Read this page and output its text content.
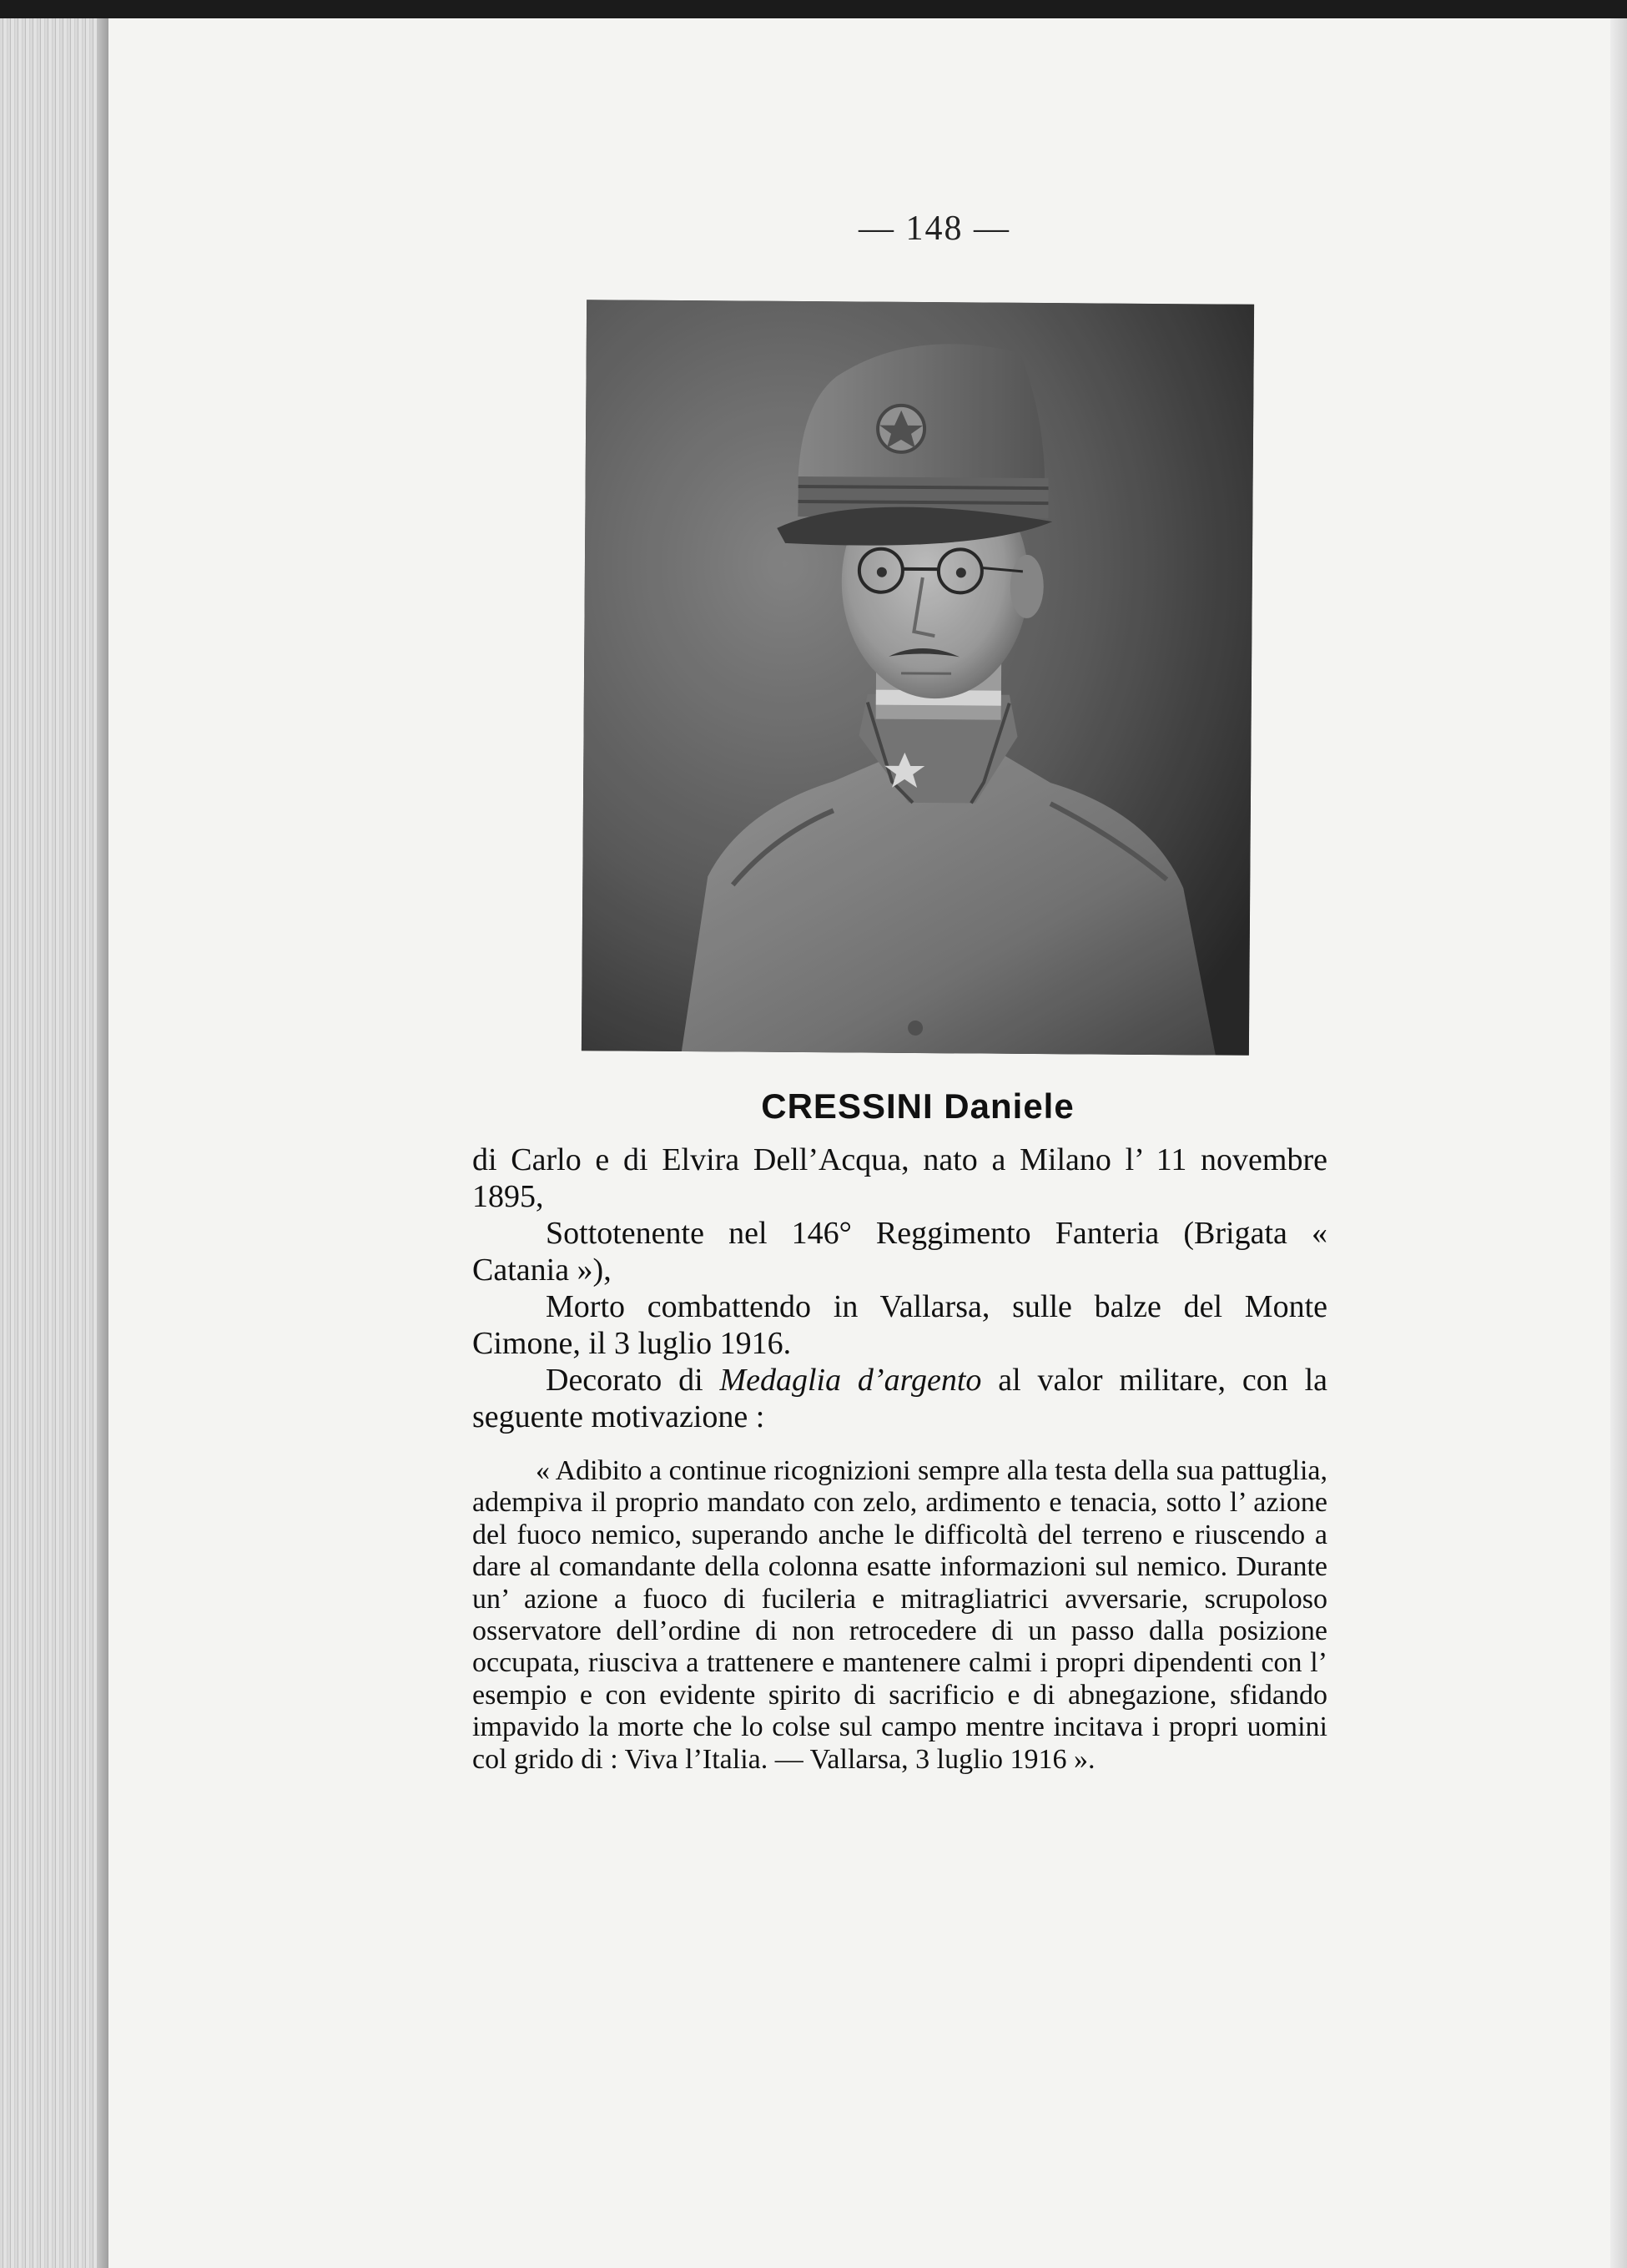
— 148 —
CRESSINI Daniele

di Carlo e di Elvira Dell’Acqua, nato a Milano l’ 11 novembre 1895,

Sottotenente nel 146° Reggimento Fanteria (Brigata « Catania »),

Morto combattendo in Vallarsa, sulle balze del Monte Cimone, il 3 luglio 1916.

Decorato di Medaglia d’argento al valor militare, con la seguente motivazione :

« Adibito a continue ricognizioni sempre alla testa della sua pattuglia, adempiva il proprio mandato con zelo, ardimento e tenacia, sotto l’ azione del fuoco nemico, superando anche le difficoltà del terreno e riuscendo a dare al comandante della colonna esatte informazioni sul nemico. Durante un’ azione a fuoco di fucileria e mitragliatrici avversarie, scrupoloso osservatore dell’ordine di non retrocedere di un passo dalla posizione occupata, riusciva a trattenere e mantenere calmi i propri dipendenti con l’ esempio e con evidente spirito di sacrificio e di abnegazione, sfidando impavido la morte che lo colse sul campo mentre incitava i propri uomini col grido di : Viva l’Italia. — Vallarsa, 3 luglio 1916 ».
